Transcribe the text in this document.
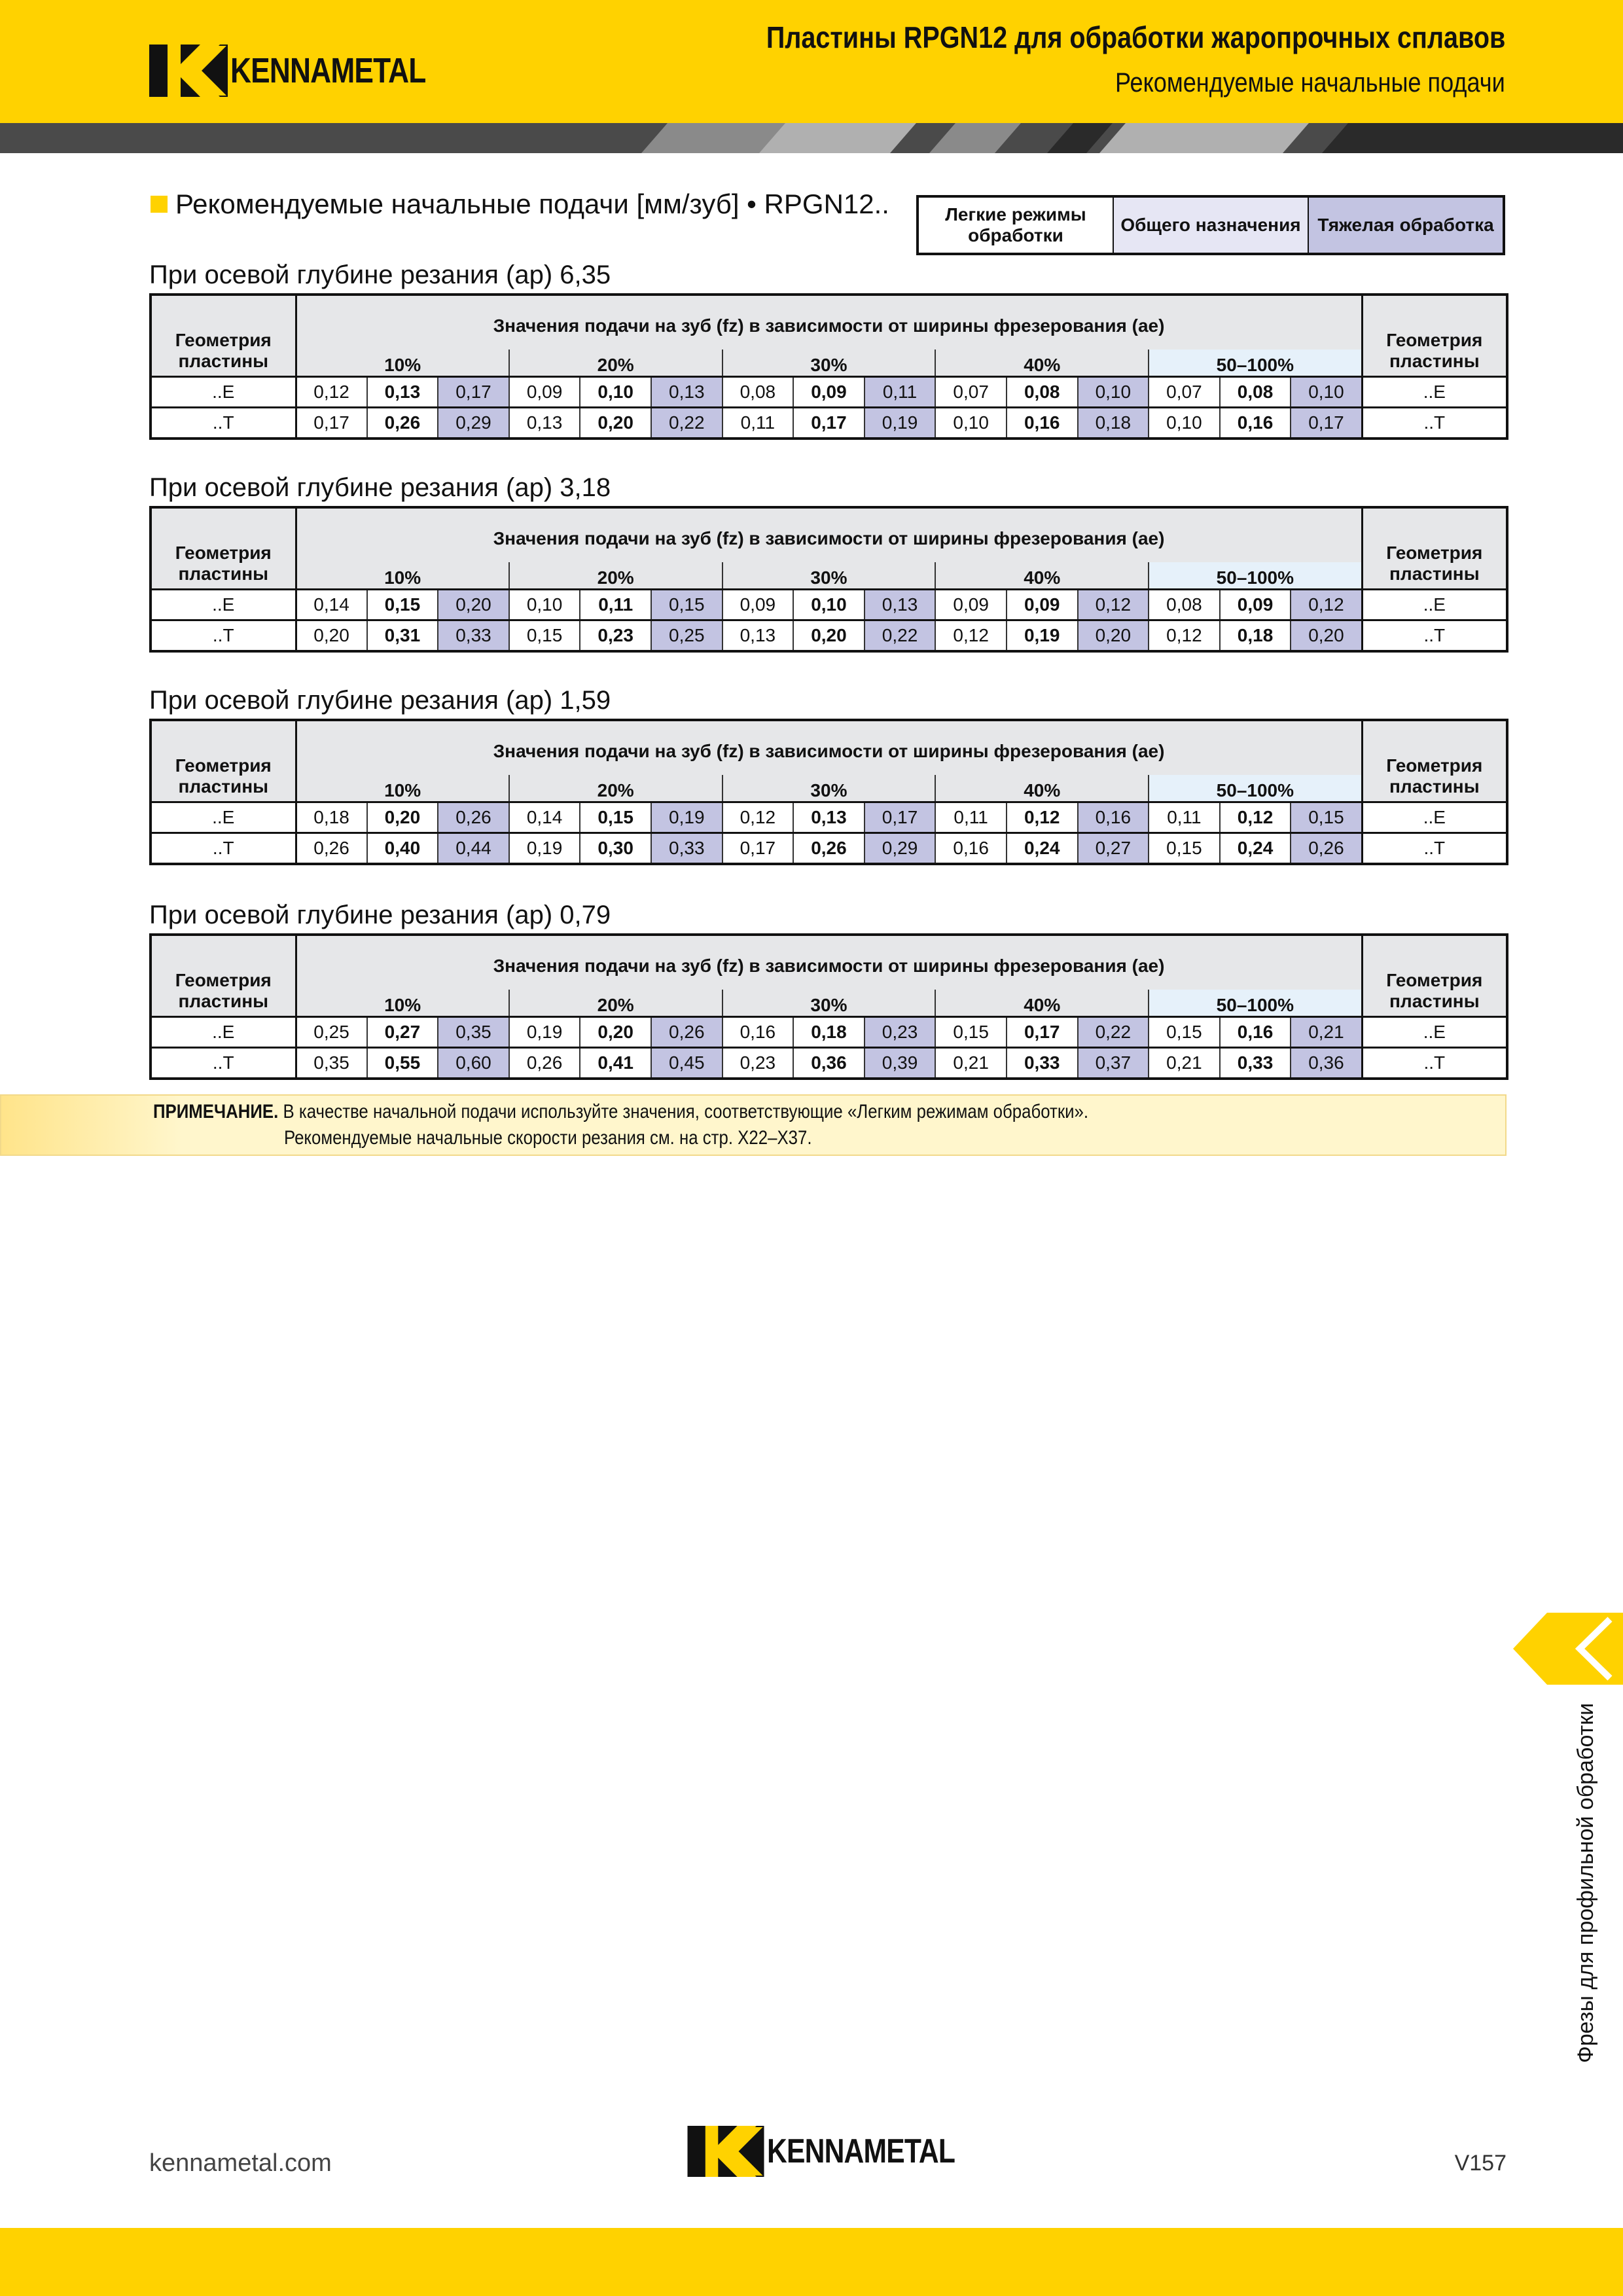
KENNAMETAL
Пластины RPGN12 для обработки жаропрочных сплавов
Рекомендуемые начальные подачи
Рекомендуемые начальные подачи [мм/зуб] • RPGN12..	Легкие режимы обработки
Общего назначения Тяжелая обработка
При осевой глубине резания (ap) 6,35
Геометрия пластины	Значения подачи на зуб (fz) в зависимости от ширины фрезерования (ae)															Геометрия пластины
	10%			20%			30%			40%			50–100%			
..E	0,12	0,13	0,17	0,09	0,10	0,13	0,08	0,09	0,11	0,07	0,08	0,10	0,07	0,08	0,10	..E
..T	0,17	0,26	0,29	0,13	0,20	0,22	0,11	0,17	0,19	0,10	0,16	0,18	0,10	0,16	0,17	..T
При осевой глубине резания (ap) 3,18
Геометрия пластины	Значения подачи на зуб (fz) в зависимости от ширины фрезерования (ae)															Геометрия пластины
	10%			20%			30%			40%			50–100%			
..E	0,14	0,15	0,20	0,10	0,11	0,15	0,09	0,10	0,13	0,09	0,09	0,12	0,08	0,09	0,12	..E
..T	0,20	0,31	0,33	0,15	0,23	0,25	0,13	0,20	0,22	0,12	0,19	0,20	0,12	0,18	0,20	..T
При осевой глубине резания (ap) 1,59
Геометрия пластины	Значения подачи на зуб (fz) в зависимости от ширины фрезерования (ae)															Геометрия пластины
	10%			20%			30%			40%			50–100%			
..E	0,18	0,20	0,26	0,14	0,15	0,19	0,12	0,13	0,17	0,11	0,12	0,16	0,11	0,12	0,15	..E
..T	0,26	0,40	0,44	0,19	0,30	0,33	0,17	0,26	0,29	0,16	0,24	0,27	0,15	0,24	0,26	..T
При осевой глубине резания (ap) 0,79
Геометрия пластины	Значения подачи на зуб (fz) в зависимости от ширины фрезерования (ae)															Геометрия пластины
	10%			20%			30%			40%			50–100%			
..E	0,25	0,27	0,35	0,19	0,20	0,26	0,16	0,18	0,23	0,15	0,17	0,22	0,15	0,16	0,21	..E
..T	0,35	0,55	0,60	0,26	0,41	0,45	0,23	0,36	0,39	0,21	0,33	0,37	0,21	0,33	0,36	..T
ПРИМЕЧАНИЕ. В качестве начальной подачи используйте значения, соответствующие «Легким режимам обработки».
Рекомендуемые начальные скорости резания см. на стр. X22–X37.
Фрезы для профильной обработки
kennametal.com	KENNAMETAL	V157
